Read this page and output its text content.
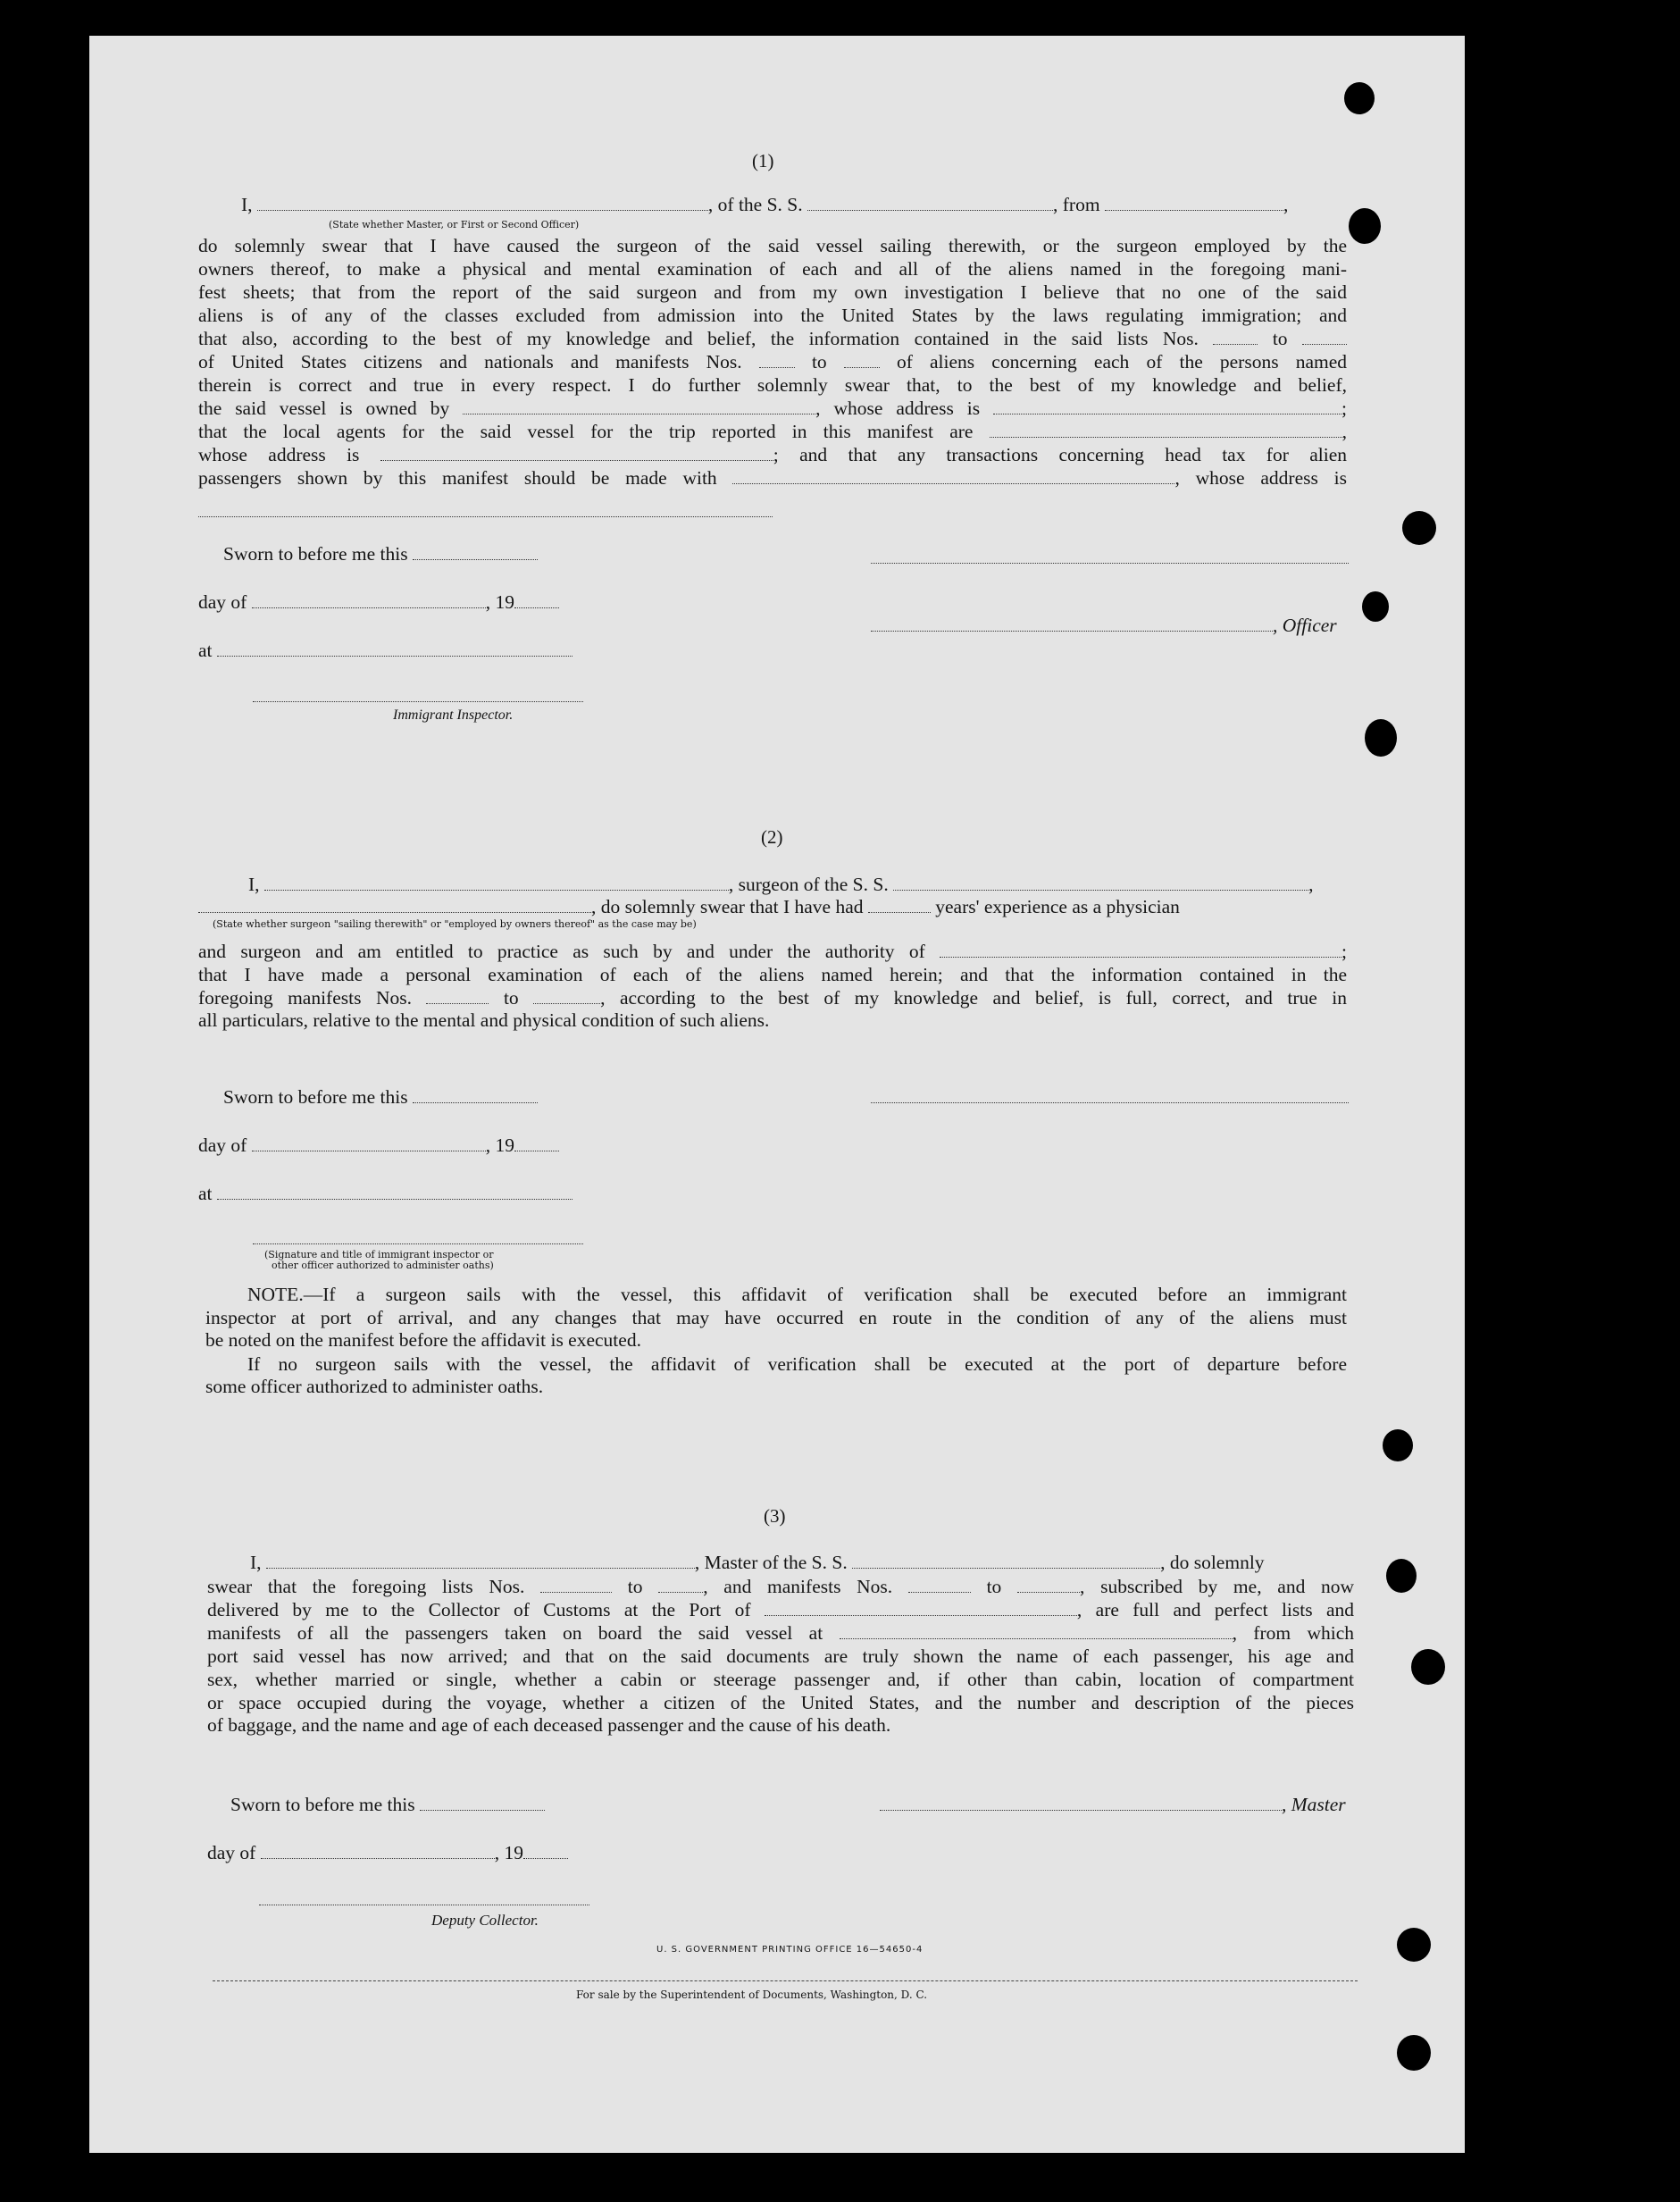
(1)
I,	, of the S. S.	, from	,
(State whether Master, or First or Second Officer)
do solemnly swear that I have caused the surgeon of the said vessel sailing therewith, or the surgeon employed by the
owners thereof, to make a physical and mental examination of each and all of the aliens named in the foregoing mani-
fest sheets; that from the report of the said surgeon and from my own investigation I believe that no one of the said
aliens is of any of the classes excluded from admission into the United States by the laws regulating immigration; and
that also, according to the best of my knowledge and belief, the information contained in the said lists Nos.	to
of United States citizens and nationals and manifests Nos.	to	of aliens concerning each of the persons named
therein is correct and true in every respect. I do further solemnly swear that, to the best of my knowledge and belief,
the said vessel is owned by	, whose address is	;
that the local agents for the said vessel for the trip reported in this manifest are	,
whose address is	; and that any transactions concerning head tax for alien
passengers shown by this manifest should be made with	, whose address is
Sworn to before me this
day of	, 19
, Officer
at
Immigrant Inspector.
(2)
I,	, surgeon of the S. S.	,
, do solemnly swear that I have had	years' experience as a physician
(State whether surgeon "sailing therewith" or "employed by owners thereof" as the case may be)
and surgeon and am entitled to practice as such by and under the authority of	;
that I have made a personal examination of each of the aliens named herein; and that the information contained in the
foregoing manifests Nos.	to	, according to the best of my knowledge and belief, is full, correct, and true in
all particulars, relative to the mental and physical condition of such aliens.
Sworn to before me this
day of	, 19
at
(Signature and title of immigrant inspector or
other officer authorized to administer oaths)
NOTE.—If a surgeon sails with the vessel, this affidavit of verification shall be executed before an immigrant
inspector at port of arrival, and any changes that may have occurred en route in the condition of any of the aliens must
be noted on the manifest before the affidavit is executed.
If no surgeon sails with the vessel, the affidavit of verification shall be executed at the port of departure before
some officer authorized to administer oaths.
(3)
I,	, Master of the S. S.	, do solemnly
swear that the foregoing lists Nos.	to	, and manifests Nos.	to	, subscribed by me, and now
delivered by me to the Collector of Customs at the Port of	, are full and perfect lists and
manifests of all the passengers taken on board the said vessel at	, from which
port said vessel has now arrived; and that on the said documents are truly shown the name of each passenger, his age and
sex, whether married or single, whether a cabin or steerage passenger and, if other than cabin, location of compartment
or space occupied during the voyage, whether a citizen of the United States, and the number and description of the pieces
of baggage, and the name and age of each deceased passenger and the cause of his death.
Sworn to before me this	, Master
day of	, 19
Deputy Collector.
U. S. GOVERNMENT PRINTING OFFICE 16—54650-4
For sale by the Superintendent of Documents, Washington, D. C.
